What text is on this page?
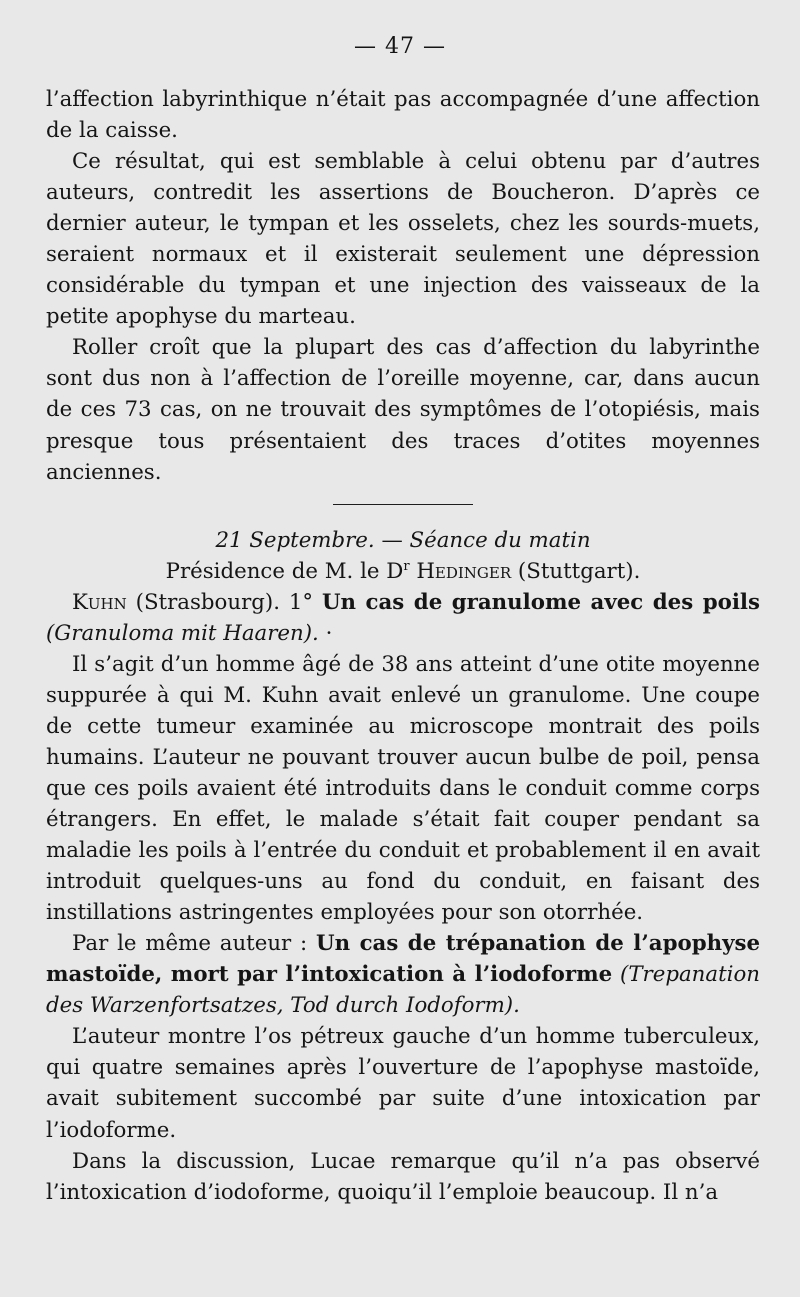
— 47 —

l’affection labyrinthique n’était pas accompagnée d’une affection de la caisse.

Ce résultat, qui est semblable à celui obtenu par d’autres auteurs, contredit les assertions de Boucheron. D’après ce dernier auteur, le tympan et les osselets, chez les sourds-muets, seraient normaux et il existerait seulement une dépression considérable du tympan et une injection des vaisseaux de la petite apophyse du marteau.

Roller croît que la plupart des cas d’affection du labyrinthe sont dus non à l’affection de l’oreille moyenne, car, dans aucun de ces 73 cas, on ne trouvait des symptômes de l’otopiésis, mais presque tous présentaient des traces d’otites moyennes anciennes.

21 Septembre. — Séance du matin

Présidence de M. le $D^r$ Hedinger (Stuttgart).

Kuhn (Strasbourg). 1° Un cas de granulome avec des poils (Granuloma mit Haaren). ·

Il s’agit d’un homme âgé de 38 ans atteint d’une otite moyenne suppurée à qui M. Kuhn avait enlevé un granulome. Une coupe de cette tumeur examinée au microscope montrait des poils humains. L’auteur ne pouvant trouver aucun bulbe de poil, pensa que ces poils avaient été introduits dans le conduit comme corps étrangers. En effet, le malade s’était fait couper pendant sa maladie les poils à l’entrée du conduit et probablement il en avait introduit quelques-uns au fond du conduit, en faisant des instillations astringentes employées pour son otorrhée.

Par le même auteur : Un cas de trépanation de l’apophyse mastoïde, mort par l’intoxication à l’iodoforme (Trepanation des Warzenfortsatzes, Tod durch Iodoform).

L’auteur montre l’os pétreux gauche d’un homme tuberculeux, qui quatre semaines après l’ouverture de l’apophyse mastoïde, avait subitement succombé par suite d’une intoxication par l’iodoforme.

Dans la discussion, Lucae remarque qu’il n’a pas observé l’intoxication d’iodoforme, quoiqu’il l’emploie beaucoup. Il n’a
